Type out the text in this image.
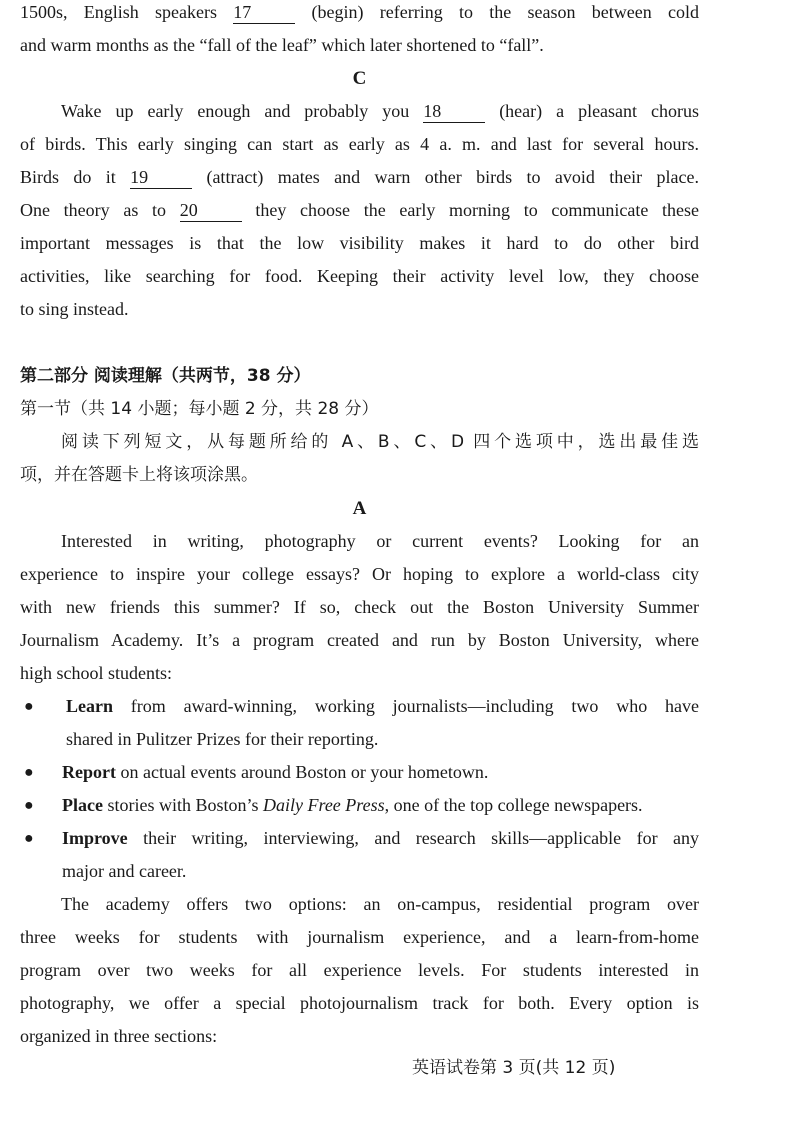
1500s, English speakers 17	(begin) referring to the season between cold
and warm months as the “fall of the leaf” which later shortened to “fall”.
C
Wake up early enough and probably you 18	(hear) a pleasant chorus
of birds. This early singing can start as early as 4 a. m. and last for several hours.
Birds do it 19	(attract) mates and warn other birds to avoid their place.
One theory as to 20	they choose the early morning to communicate these
important messages is that the low visibility makes it hard to do other bird
activities, like searching for food. Keeping their activity level low, they choose
to sing instead.
第二部分 阅读理解（共两节，38 分）
第一节（共 14 小题；每小题 2 分，共 28 分）
阅读下列短文，从每题所给的 A、B、C、D 四个选项中，选出最佳选
项，并在答题卡上将该项涂黑。
A
Interested in writing, photography or current events? Looking for an
experience to inspire your college essays? Or hoping to explore a world-class city
with new friends this summer? If so, check out the Boston University Summer
Journalism Academy. It’s a program created and run by Boston University, where
high school students:
● Learn from award-winning, working journalists—including two who have
shared in Pulitzer Prizes for their reporting.
● Report on actual events around Boston or your hometown.
● Place stories with Boston’s Daily Free Press, one of the top college newspapers.
● Improve their writing, interviewing, and research skills—applicable for any
major and career.
The academy offers two options: an on-campus, residential program over
three weeks for students with journalism experience, and a learn-from-home
program over two weeks for all experience levels. For students interested in
photography, we offer a special photojournalism track for both. Every option is
organized in three sections:
英语试卷第 3 页(共 12 页)
